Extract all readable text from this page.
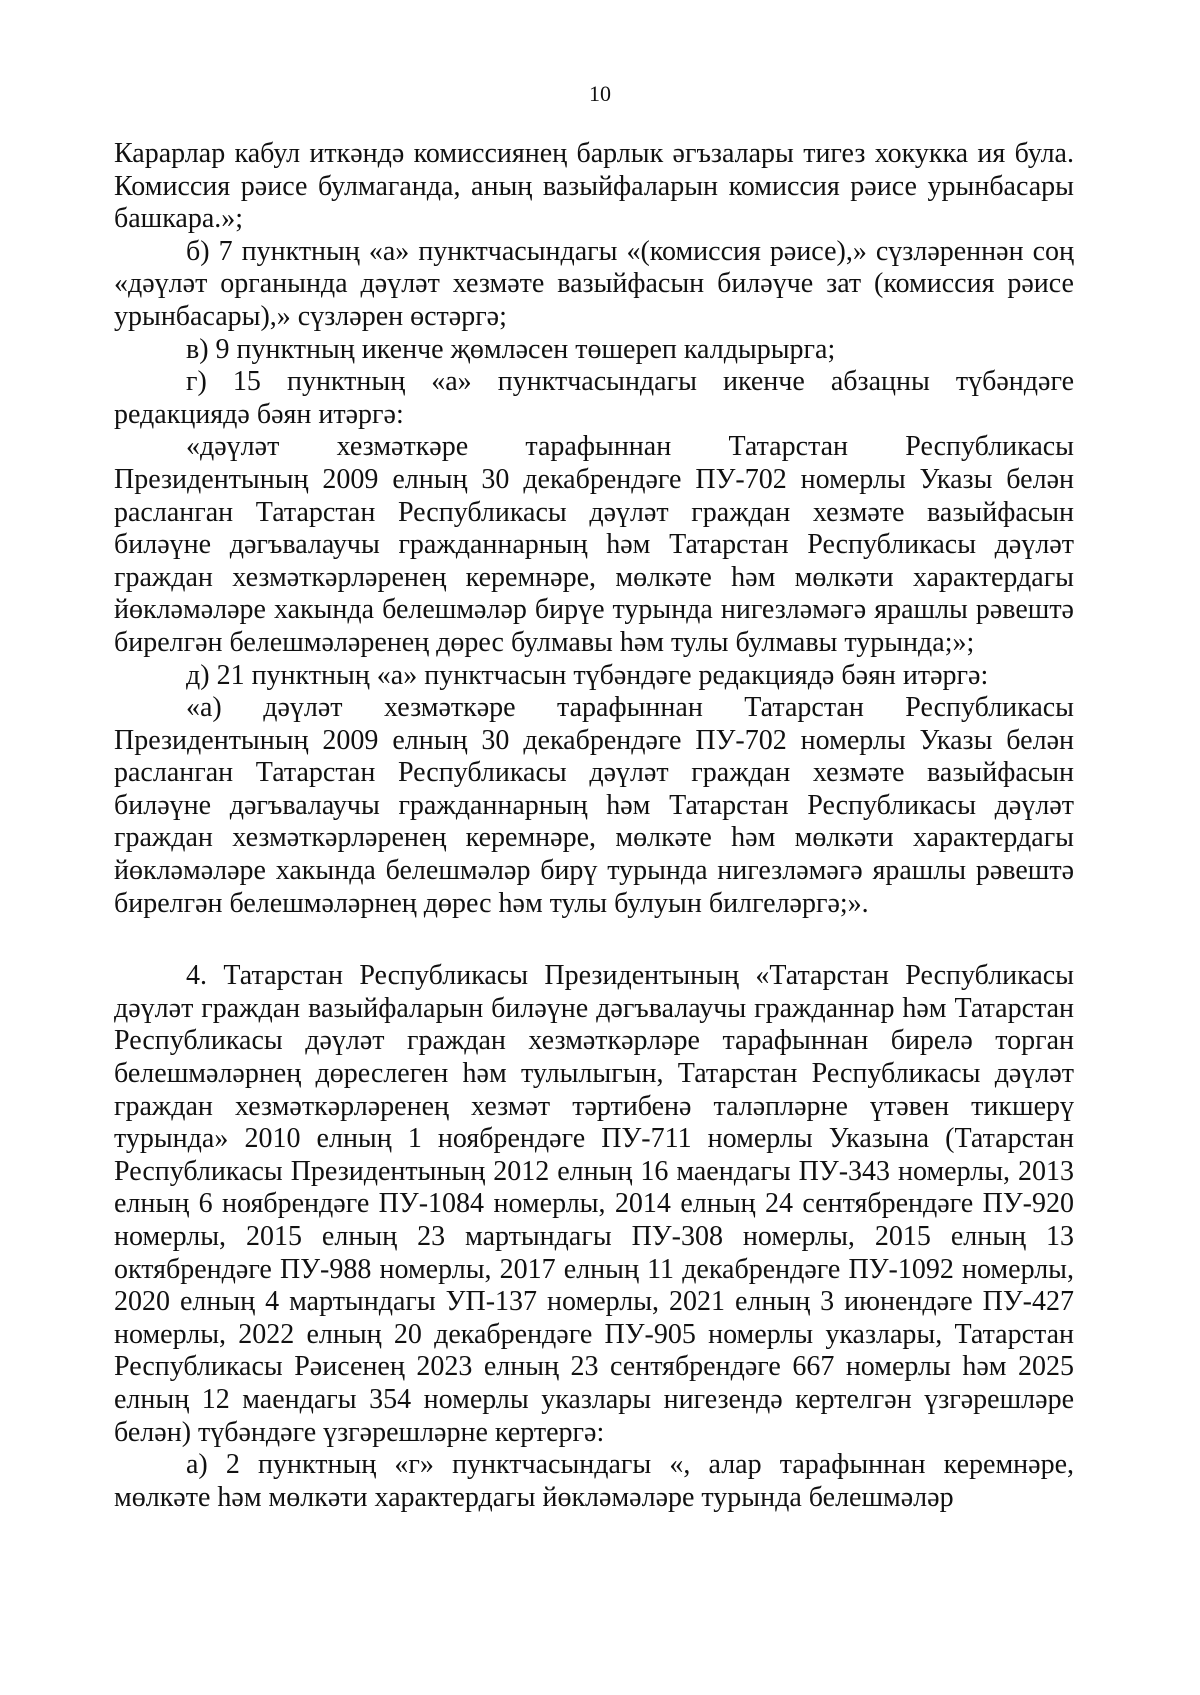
10

Карарлар кабул иткәндә комиссиянең барлык әгъзалары тигез хокукка ия була. Комиссия рәисе булмаганда, аның вазыйфаларын комиссия рәисе урынбасары башкара.»;

б) 7 пунктның «а» пунктчасындагы «(комиссия рәисе),» сүзләреннән соң «дәүләт органында дәүләт хезмәте вазыйфасын биләүче зат (комиссия рәисе урынбасары),» сүзләрен өстәргә;

в) 9 пунктның икенче җөмләсен төшереп калдырырга;

г) 15 пунктның «а» пунктчасындагы икенче абзацны түбәндәге редакциядә бәян итәргә:

«дәүләт хезмәткәре тарафыннан Татарстан Республикасы Президентының 2009 елның 30 декабрендәге ПУ-702 номерлы Указы белән расланган Татарстан Республикасы дәүләт граждан хезмәте вазыйфасын биләүне дәгъвалаучы гражданнарның һәм Татарстан Республикасы дәүләт граждан хезмәткәрләренең керемнәре, мөлкәте һәм мөлкәти характердагы йөкләмәләре хакында белешмәләр бирүе турында нигезләмәгә ярашлы рәвештә бирелгән белешмәләренең дөрес булмавы һәм тулы булмавы турында;»;

д) 21 пунктның «а» пунктчасын түбәндәге редакциядә бәян итәргә:

«а) дәүләт хезмәткәре тарафыннан Татарстан Республикасы Президентының 2009 елның 30 декабрендәге ПУ-702 номерлы Указы белән расланган Татарстан Республикасы дәүләт граждан хезмәте вазыйфасын биләүне дәгъвалаучы гражданнарның һәм Татарстан Республикасы дәүләт граждан хезмәткәрләренең керемнәре, мөлкәте һәм мөлкәти характердагы йөкләмәләре хакында белешмәләр бирү турында нигезләмәгә ярашлы рәвештә бирелгән белешмәләрнең дөрес һәм тулы булуын билгеләргә;».

4. Татарстан Республикасы Президентының «Татарстан Республикасы дәүләт граждан вазыйфаларын биләүне дәгъвалаучы гражданнар һәм Татарстан Республикасы дәүләт граждан хезмәткәрләре тарафыннан бирелә торган белешмәләрнең дөреслеген һәм тулылыгын, Татарстан Республикасы дәүләт граждан хезмәткәрләренең хезмәт тәртибенә таләпләрне үтәвен тикшерү турында» 2010 елның 1 ноябрендәге ПУ-711 номерлы Указына (Татарстан Республикасы Президентының 2012 елның 16 маендагы ПУ-343 номерлы, 2013 елның 6 ноябрендәге ПУ-1084 номерлы, 2014 елның 24 сентябрендәге ПУ-920 номерлы, 2015 елның 23 мартындагы ПУ-308 номерлы, 2015 елның 13 октябрендәге ПУ-988 номерлы, 2017 елның 11 декабрендәге ПУ-1092 номерлы, 2020 елның 4 мартындагы УП-137 номерлы, 2021 елның 3 июнендәге ПУ-427 номерлы, 2022 елның 20 декабрендәге ПУ-905 номерлы указлары, Татарстан Республикасы Рәисенең 2023 елның 23 сентябрендәге 667 номерлы һәм 2025 елның 12 маендагы 354 номерлы указлары нигезендә кертелгән үзгәрешләре белән) түбәндәге үзгәрешләрне кертергә:

а) 2 пунктның «г» пунктчасындагы «, алар тарафыннан керемнәре, мөлкәте һәм мөлкәти характердагы йөкләмәләре турында белешмәләр
